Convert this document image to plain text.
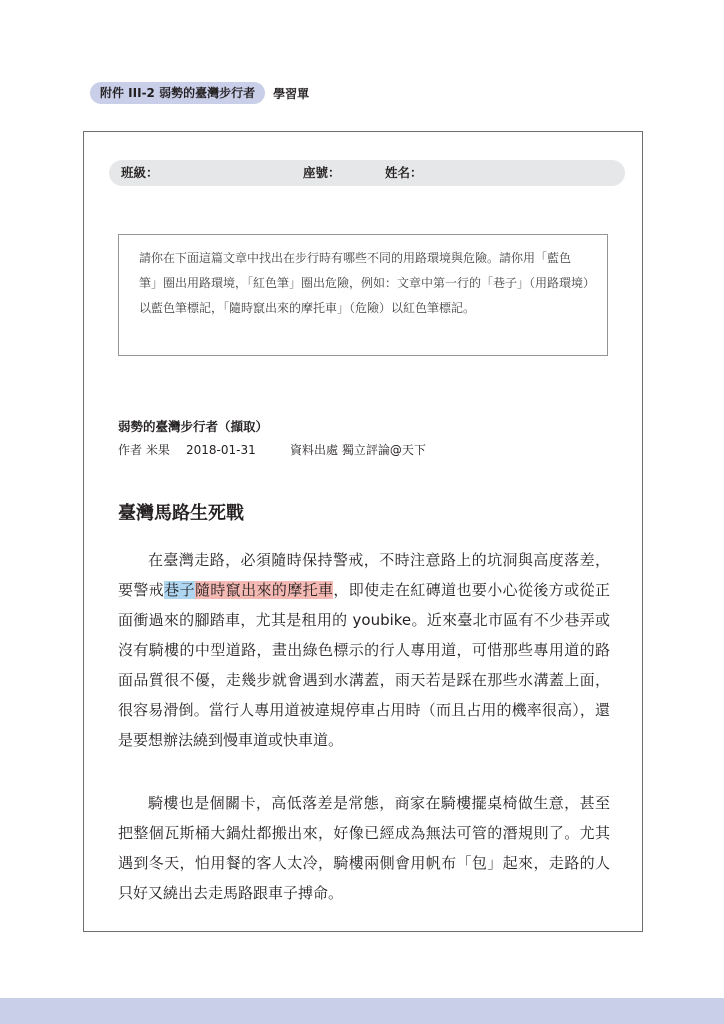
附件 III-2 弱勢的臺灣步行者	學習單
班級：	座號：	姓名：
請你在下面這篇文章中找出在步行時有哪些不同的用路環境與危險。請你用「藍色筆」圈出用路環境，「紅色筆」圈出危險，例如：文章中第一行的「巷子」（用路環境）以藍色筆標記，「隨時竄出來的摩托車」（危險）以紅色筆標記。
弱勢的臺灣步行者（擷取）
作者 米果 2018-01-31	資料出處 獨立評論@天下
臺灣馬路生死戰

在臺灣走路，必須隨時保持警戒，不時注意路上的坑洞與高度落差，要警戒巷子隨時竄出來的摩托車，即使走在紅磚道也要小心從後方或從正面衝過來的腳踏車，尤其是租用的 youbike。近來臺北市區有不少巷弄或沒有騎樓的中型道路，畫出綠色標示的行人專用道，可惜那些專用道的路面品質很不優，走幾步就會遇到水溝蓋，雨天若是踩在那些水溝蓋上面，很容易滑倒。當行人專用道被違規停車占用時（而且占用的機率很高），還是要想辦法繞到慢車道或快車道。

騎樓也是個關卡，高低落差是常態，商家在騎樓擺桌椅做生意，甚至把整個瓦斯桶大鍋灶都搬出來，好像已經成為無法可管的潛規則了。尤其遇到冬天，怕用餐的客人太冷，騎樓兩側會用帆布「包」起來，走路的人只好又繞出去走馬路跟車子搏命。
